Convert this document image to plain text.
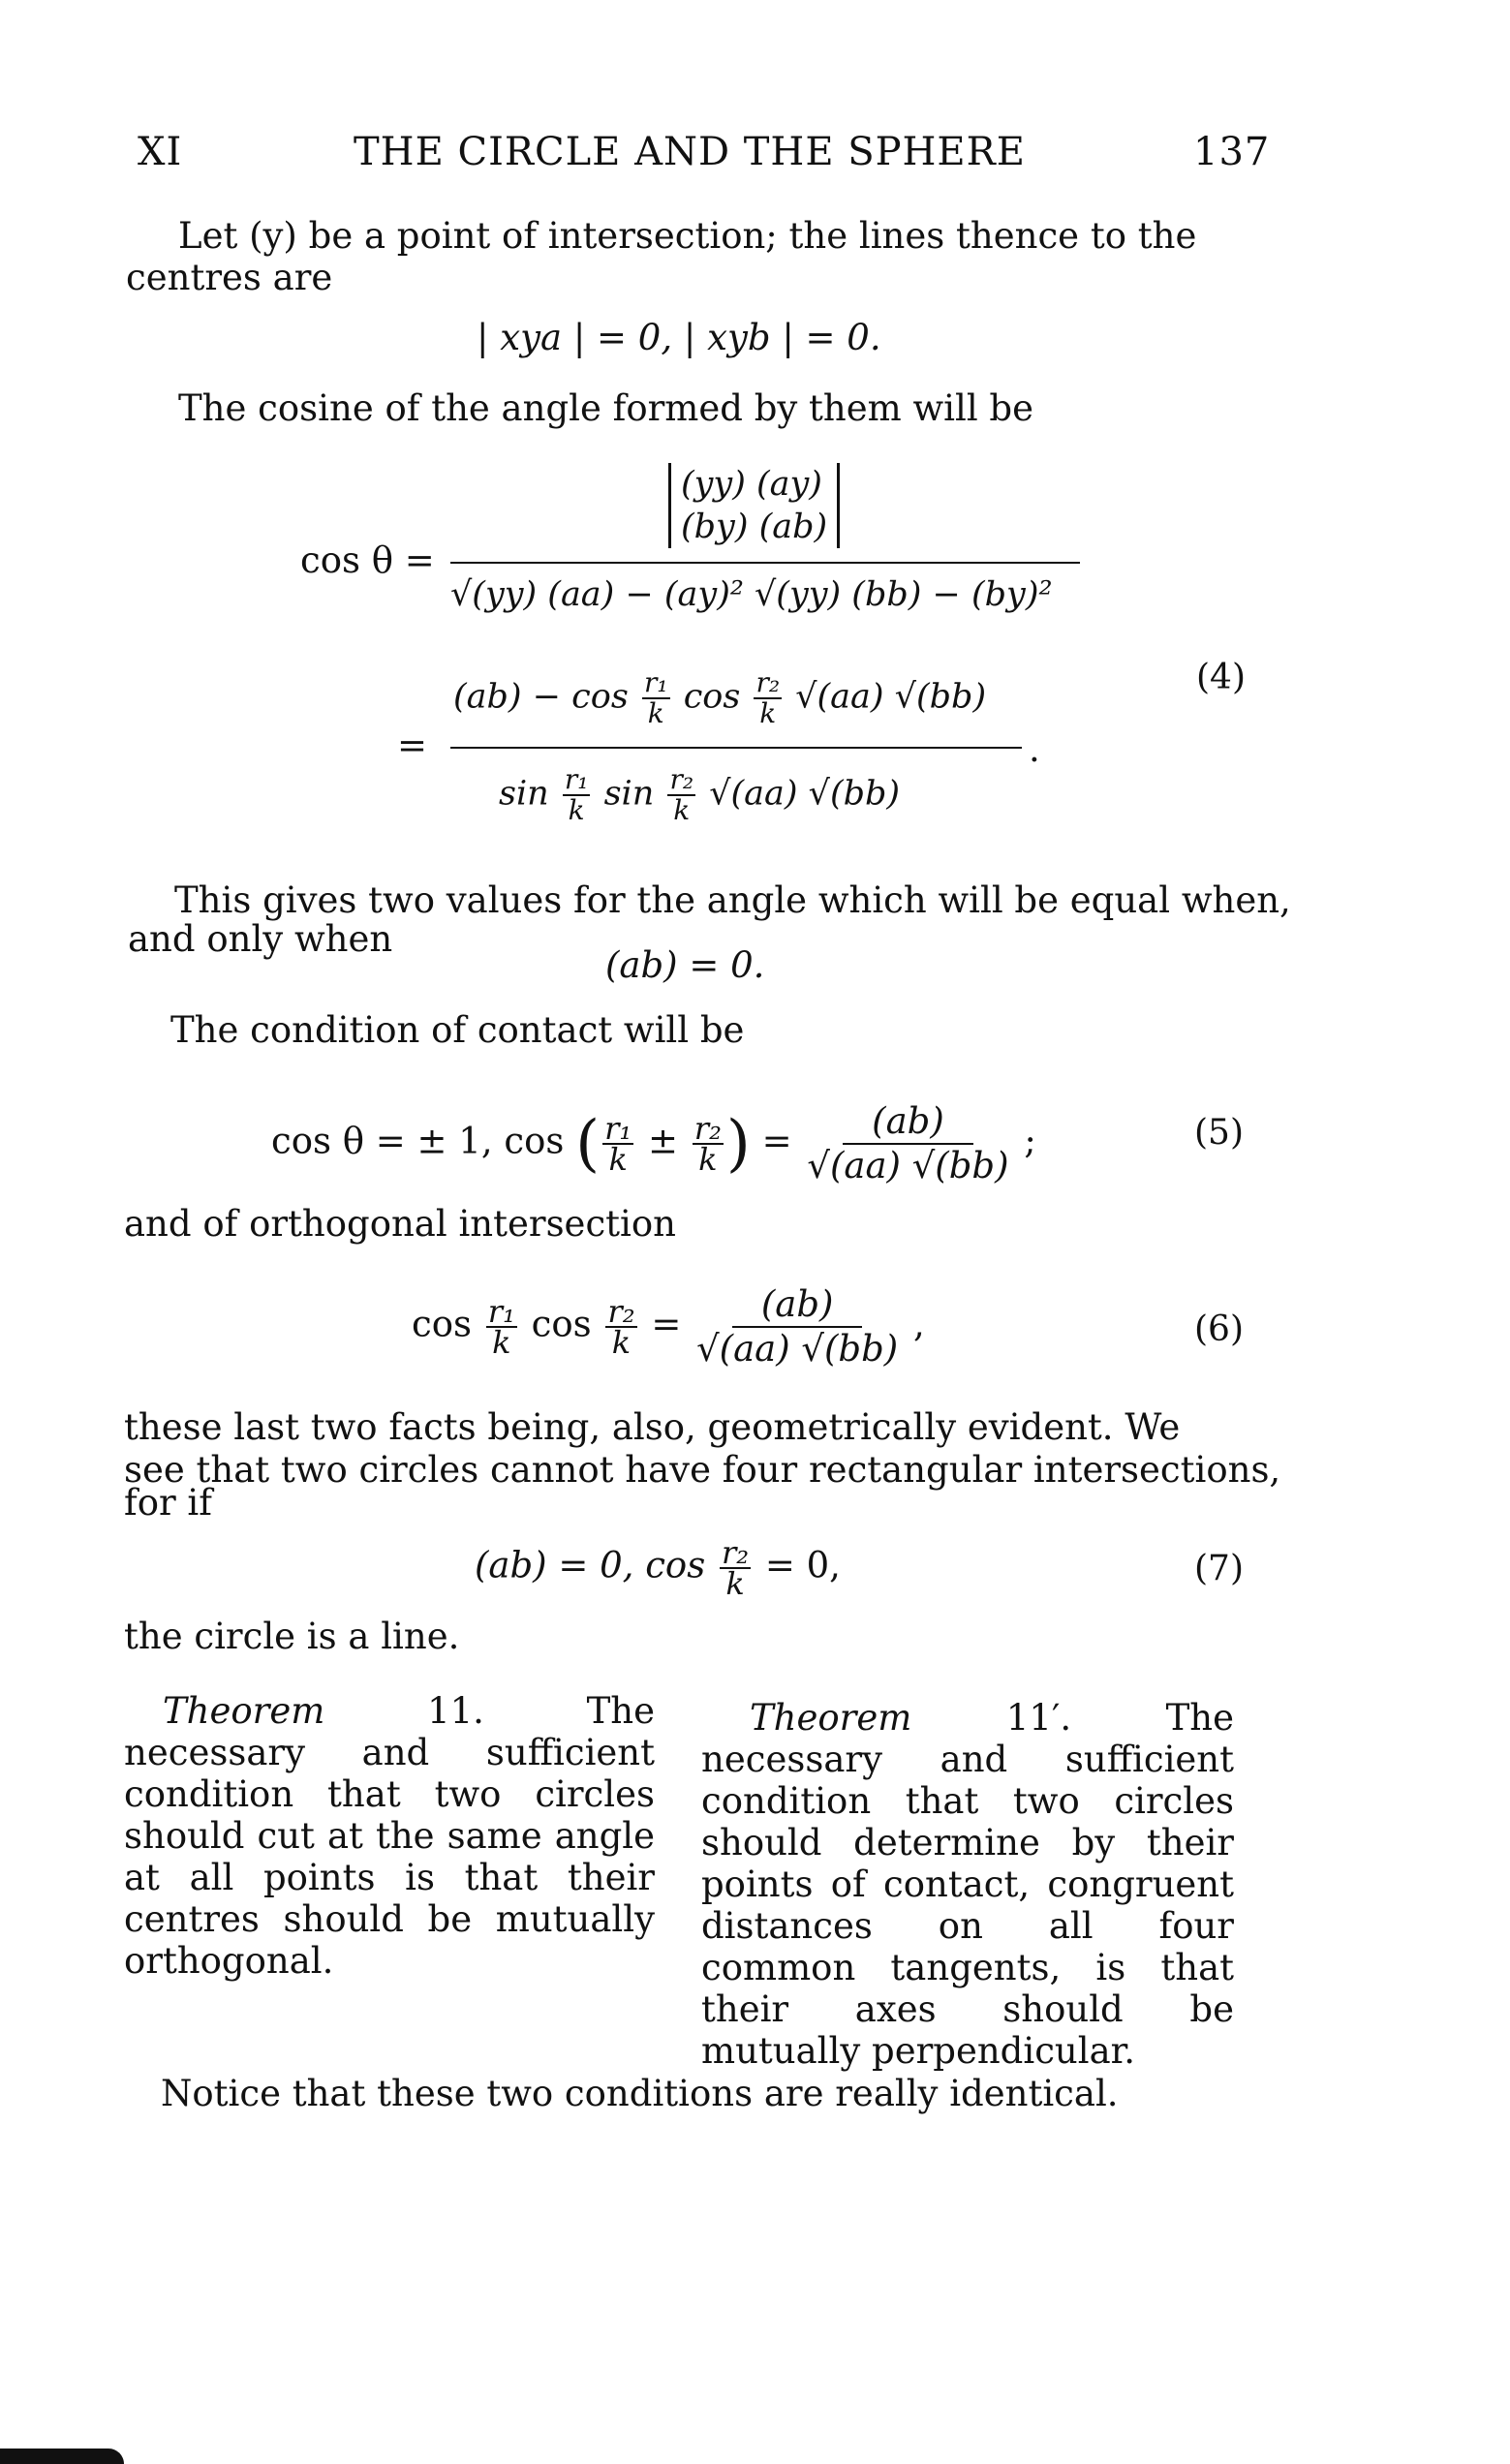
XI	THE CIRCLE AND THE SPHERE	137
Let (y) be a point of intersection; the lines thence to the
centres are
| xya | = 0, | xyb | = 0.
The cosine of the angle formed by them will be
(yy) (ay)
(by) (ab)
cos θ =
√(yy) (aa) − (ay)² √(yy) (bb) − (by)²
$(ab) - \cos \frac{\text{r₁}}{k}$ $\cos \frac{\text{r₂}}{k} √(aa)$ √(bb)
=	.
$\sin \frac{\text{r₁}}{k}$ $\sin \frac{\text{r₂}}{k} √(aa)$ √(bb)
(4)
This gives two values for the angle which will be equal when,
and only when
(ab) = 0.
The condition of contact will be
cos θ = ± 1, cos ( $\frac{\text{r₁}}{k} \pm \frac{\text{r₂}}{k}$ ) = $\frac{(ab)}{√(aa) √(bb)}$ ;	(5)
and of orthogonal intersection
$\cos \frac{\text{r₁}}{k}$ $\cos \frac{\text{r₂}}{k} = \frac{(ab)}{√(aa) √(bb)}$ ,	(6)
these last two facts being, also, geometrically evident. We
see that two circles cannot have four rectangular intersections,
for if
(ab) = 0, $\cos \frac{\text{r₂}}{k} = 0$,	(7)
the circle is a line.
Theorem	11.	The necessary and sufficient condition that two circles should cut at the same angle at all points is that their centres should be mutually orthogonal.
Theorem	11′.	The necessary and sufficient condition that two circles should determine by their points of contact, congruent distances on all four common tangents, is that their axes should be mutually perpendicular.
Notice that these two conditions are really identical.
